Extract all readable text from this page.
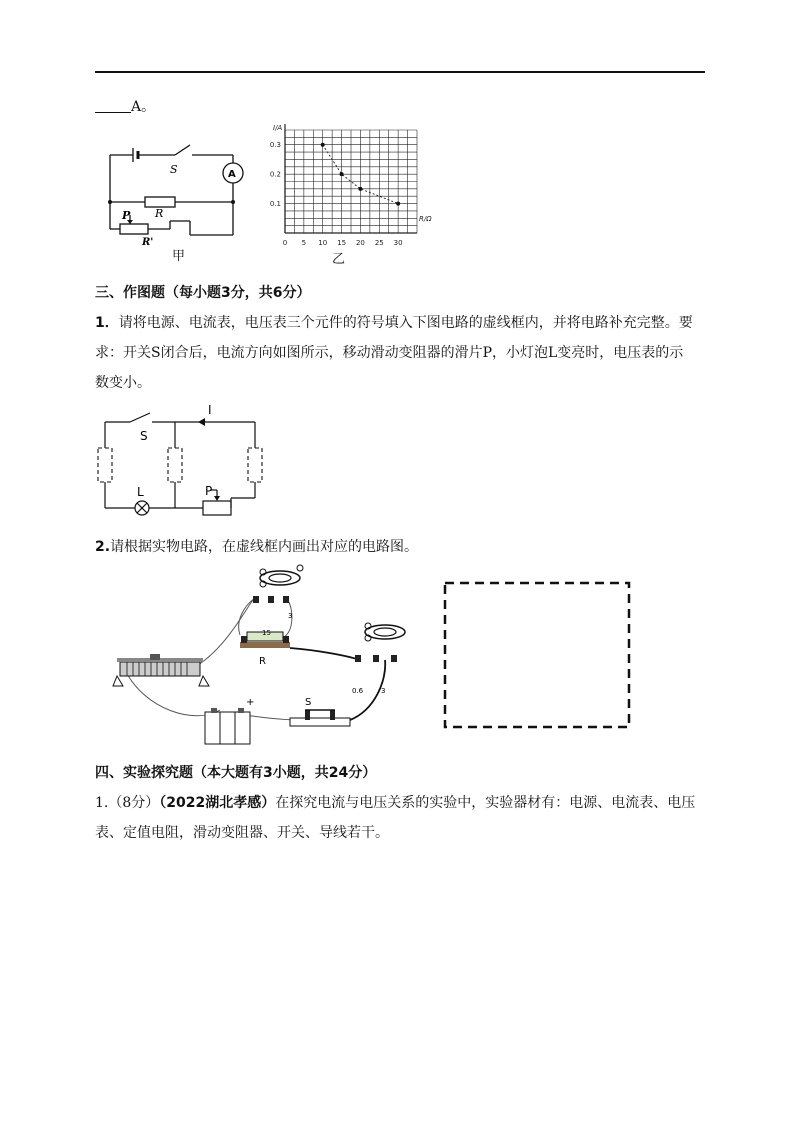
A。
S	A
R
P
R'
甲
0 5 10 15 20 25 30
0.1
0.2
0.3
I/A
R/Ω
乙
三、作图题（每小题3分，共6分）
1．请将电源、电流表，电压表三个元件的符号填入下图电路的虚线框内，并将电路补充完整。要
求：开关S闭合后，电流方向如图所示，移动滑动变阻器的滑片P，小灯泡L变亮时，电压表的示
数变小。
S
I
L	P
2.请根据实物电路，在虚线框内画出对应的电路图。
15
3
R
0.6	3
+	S
四、实验探究题（本大题有3小题，共24分）
1.（8分）（2022湖北孝感）在探究电流与电压关系的实验中，实验器材有：电源、电流表、电压
表、定值电阻，滑动变阻器、开关、导线若干。
